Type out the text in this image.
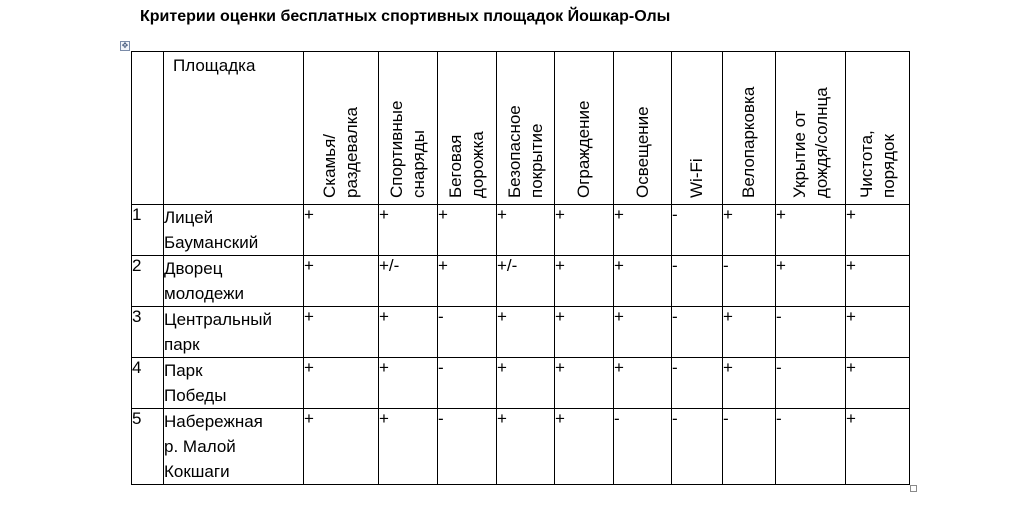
Критерии оценки бесплатных спортивных площадок Йошкар-Олы
✥
	Площадка	Скамья/
раздевалка	Спортивные
снаряды	Беговая
дорожка	Безопасное
покрытие	Ограждение	Освещение	Wi-Fi	Велопарковка	Укрытие от
дождя/солнца	Чистота,
порядок

1	Лицей
Бауманский	+	+	+	+	+	+	-	+	+	+
2	Дворец
молодежи	+	+/-	+	+/-	+	+	-	-	+	+
3	Центральный
парк	+	+	-	+	+	+	-	+	-	+
4	Парк
Победы	+	+	-	+	+	+	-	+	-	+
5	Набережная
р. Малой
Кокшаги	+	+	-	+	+	-	-	-	-	+
